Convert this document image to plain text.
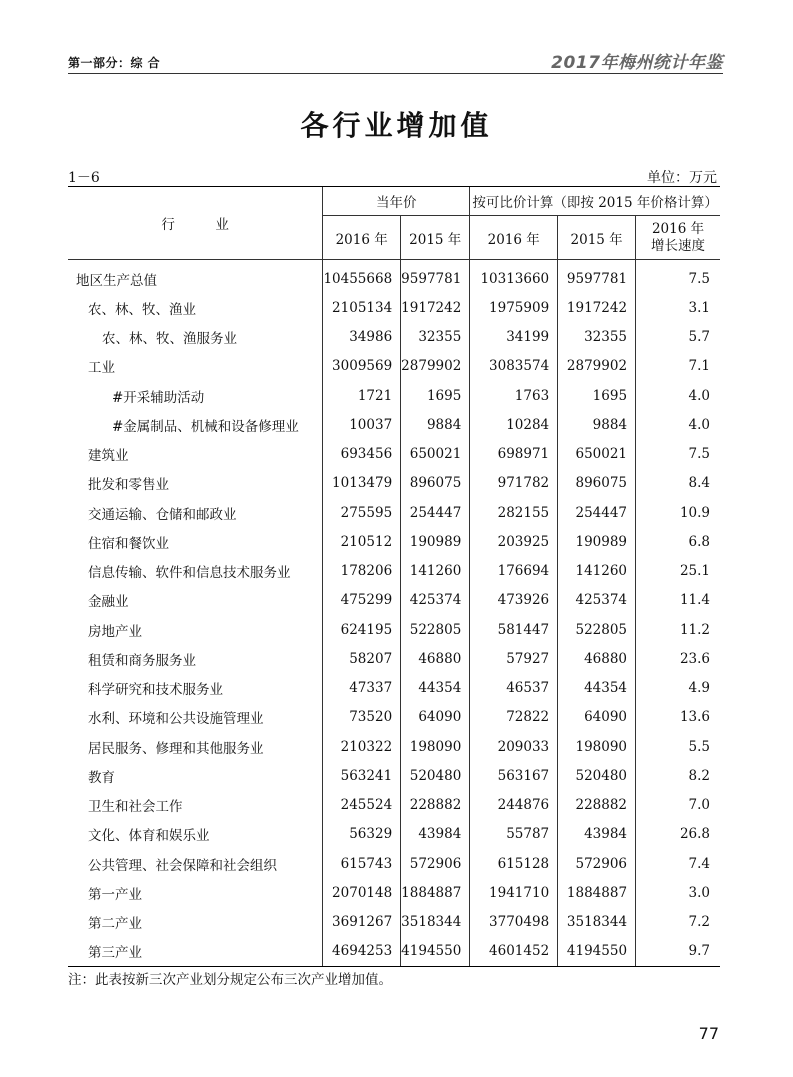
第一部分：综 合	2017年梅州统计年鉴
各行业增加值
1－6	单位：万元
行　　　业	当年价		按可比价计算（即按 2015 年价格计算）		
	2016 年	2015 年	2016 年	2015 年	2016 年
增长速度

地区生产总值	10455668	9597781	10313660	9597781	7.5
农、林、牧、渔业	2105134	1917242	1975909	1917242	3.1
农、林、牧、渔服务业	34986	32355	34199	32355	5.7
工业	3009569	2879902	3083574	2879902	7.1
#开采辅助活动	1721	1695	1763	1695	4.0
#金属制品、机械和设备修理业	10037	9884	10284	9884	4.0
建筑业	693456	650021	698971	650021	7.5
批发和零售业	1013479	896075	971782	896075	8.4
交通运输、仓储和邮政业	275595	254447	282155	254447	10.9
住宿和餐饮业	210512	190989	203925	190989	6.8
信息传输、软件和信息技术服务业	178206	141260	176694	141260	25.1
金融业	475299	425374	473926	425374	11.4
房地产业	624195	522805	581447	522805	11.2
租赁和商务服务业	58207	46880	57927	46880	23.6
科学研究和技术服务业	47337	44354	46537	44354	4.9
水利、环境和公共设施管理业	73520	64090	72822	64090	13.6
居民服务、修理和其他服务业	210322	198090	209033	198090	5.5
教育	563241	520480	563167	520480	8.2
卫生和社会工作	245524	228882	244876	228882	7.0
文化、体育和娱乐业	56329	43984	55787	43984	26.8
公共管理、社会保障和社会组织	615743	572906	615128	572906	7.4
第一产业	2070148	1884887	1941710	1884887	3.0
第二产业	3691267	3518344	3770498	3518344	7.2
第三产业	4694253	4194550	4601452	4194550	9.7
注：此表按新三次产业划分规定公布三次产业增加值。
77
